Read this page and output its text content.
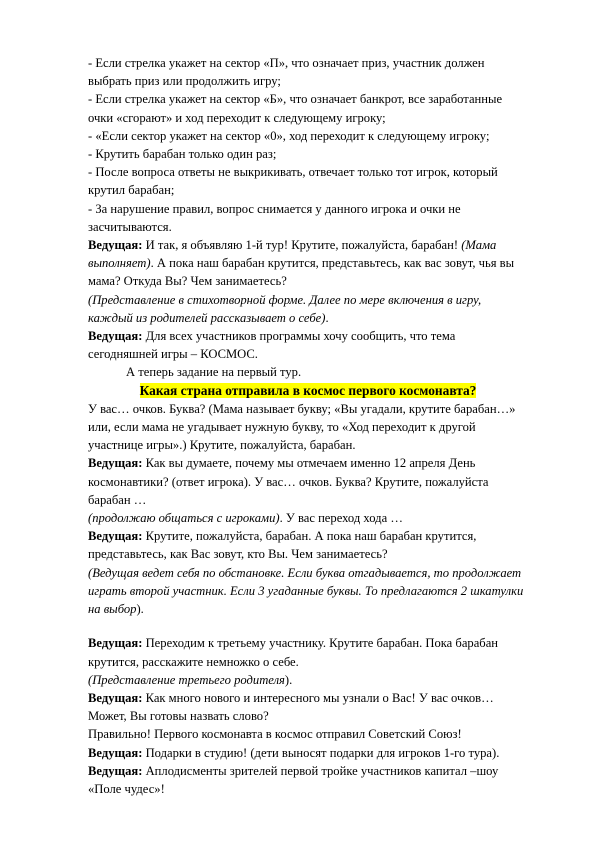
- Если стрелка укажет на сектор «П», что означает приз, участник должен выбрать приз или продолжить игру;

- Если стрелка укажет на сектор «Б», что означает банкрот, все заработанные очки «сгорают» и ход переходит к следующему игроку;

- «Если сектор укажет на сектор «0», ход переходит к следующему игроку;

- Крутить барабан только один раз;

- После вопроса ответы не выкрикивать, отвечает только тот игрок, который крутил барабан;

- За нарушение правил, вопрос снимается у данного игрока и очки не засчитываются.

Ведущая: И так, я объявляю 1-й тур! Крутите, пожалуйста, барабан! (Мама выполняет). А пока наш барабан крутится, представьтесь, как вас зовут, чья вы мама? Откуда Вы? Чем занимаетесь?

(Представление в стихотворной форме. Далее по мере включения в игру, каждый из родителей рассказывает о себе).

Ведущая: Для всех участников программы хочу сообщить, что тема сегодняшней игры – КОСМОС.

А теперь задание на первый тур.

Какая страна отправила в космос первого космонавта?

У вас… очков. Буква? (Мама называет букву; «Вы угадали, крутите барабан…» или, если мама не угадывает нужную букву, то «Ход переходит к другой участнице игры».) Крутите, пожалуйста, барабан.

Ведущая: Как вы думаете, почему мы отмечаем именно 12 апреля День космонавтики? (ответ игрока). У вас… очков. Буква? Крутите, пожалуйста барабан …

(продолжаю общаться с игроками). У вас переход хода …

Ведущая: Крутите, пожалуйста, барабан. А пока наш барабан крутится, представьтесь, как Вас зовут, кто Вы. Чем занимаетесь?

(Ведущая ведет себя по обстановке. Если буква отгадывается, то продолжает играть второй участник. Если 3 угаданные буквы. То предлагаются 2 шкатулки на выбор).

Ведущая: Переходим к третьему участнику. Крутите барабан. Пока барабан крутится, расскажите немножко о себе.

(Представление третьего родителя).

Ведущая: Как много нового и интересного мы узнали о Вас! У вас очков… Может, Вы готовы назвать слово?

Правильно! Первого космонавта в космос отправил Советский Союз!

Ведущая: Подарки в студию! (дети выносят подарки для игроков 1-го тура).

Ведущая: Аплодисменты зрителей первой тройке участников капитал –шоу «Поле чудес»!
